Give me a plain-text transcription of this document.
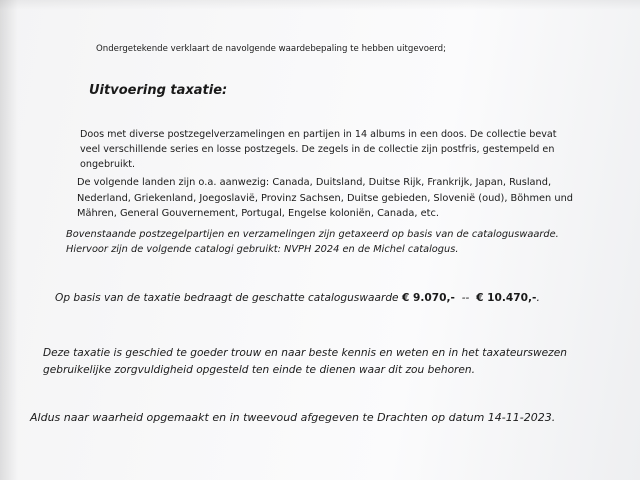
Ondergetekende verklaart de navolgende waardebepaling te hebben uitgevoerd;

Uitvoering taxatie:

Doos met diverse postzegelverzamelingen en partijen in 14 albums in een doos. De collectie bevat
veel verschillende series en losse postzegels. De zegels in de collectie zijn postfris, gestempeld en
ongebruikt.

De volgende landen zijn o.a. aanwezig: Canada, Duitsland, Duitse Rijk, Frankrijk, Japan, Rusland,
Nederland, Griekenland, Joegoslavië, Provinz Sachsen, Duitse gebieden, Slovenië (oud), Böhmen und
Mähren, General Gouvernement, Portugal, Engelse koloniën, Canada, etc.

Bovenstaande postzegelpartijen en verzamelingen zijn getaxeerd op basis van de cataloguswaarde.
Hiervoor zijn de volgende catalogi gebruikt: NVPH 2024 en de Michel catalogus.

Op basis van de taxatie bedraagt de geschatte cataloguswaarde € 9.070,-  --  € 10.470,-.

Deze taxatie is geschied te goeder trouw en naar beste kennis en weten en in het taxateurswezen
gebruikelijke zorgvuldigheid opgesteld ten einde te dienen waar dit zou behoren.

Aldus naar waarheid opgemaakt en in tweevoud afgegeven te Drachten op datum 14-11-2023.
